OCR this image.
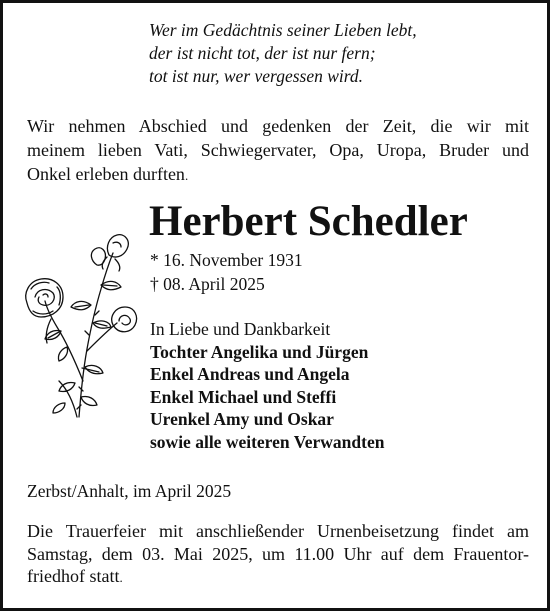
Wer im Gedächtnis seiner Lieben lebt,
der ist nicht tot, der ist nur fern;
tot ist nur, wer vergessen wird.
Wir nehmen Abschied und gedenken der Zeit, die wir mit
meinem lieben Vati, Schwiegervater, Opa, Uropa, Bruder und
Onkel erleben durften.
Herbert Schedler
* 16. November 1931
† 08. April 2025
In Liebe und Dankbarkeit
Tochter Angelika und Jürgen
Enkel Andreas und Angela
Enkel Michael und Steffi
Urenkel Amy und Oskar
sowie alle weiteren Verwandten
Zerbst/Anhalt, im April 2025
Die Trauerfeier mit anschließender Urnenbeisetzung findet am
Samstag, dem 03. Mai 2025, um 11.00 Uhr auf dem Frauentor-
friedhof statt.
